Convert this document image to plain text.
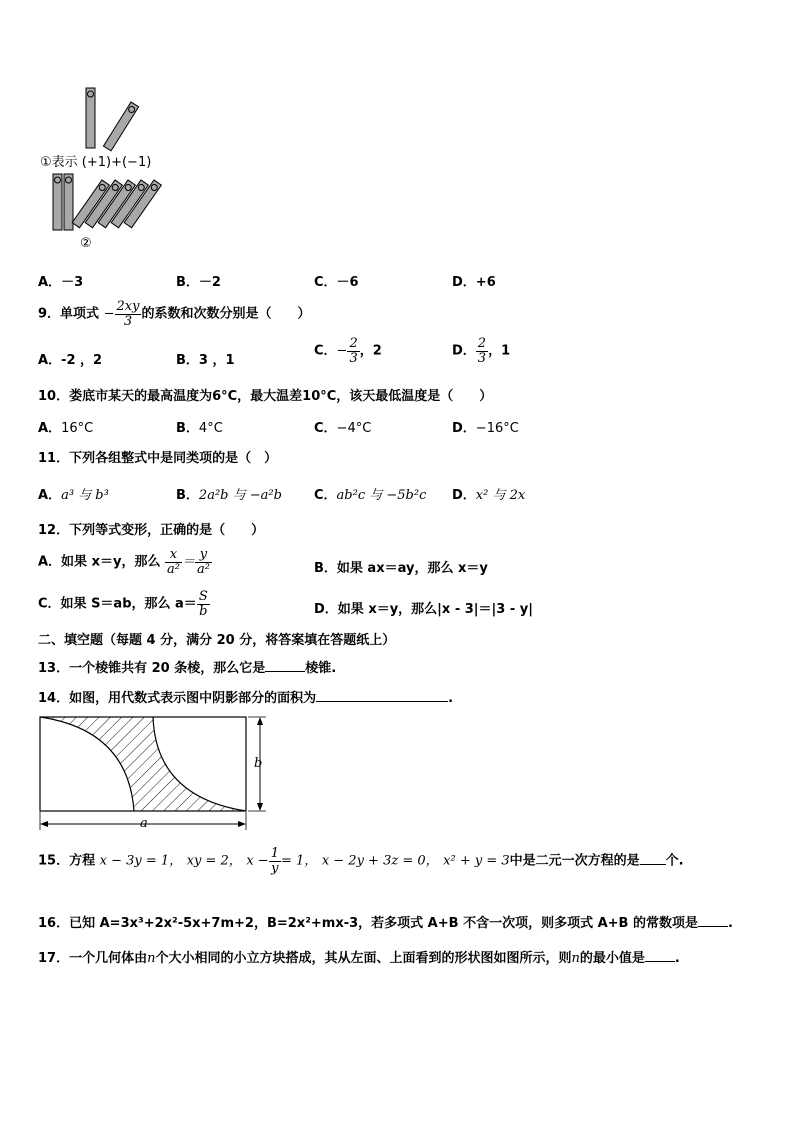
①表示 (+1)+(−1)
②
A．－3	B．－2	C．－6	D．+6
9．单项式 − $\frac{2xy}{3}$ 的系数和次数分别是（　　）
A．-2 ，2	B．3 ，1
C．− $\frac{2}{3}$ ，2	D． $\frac{2}{3}$ ，1
10．娄底市某天的最高温度为6°C，最大温差10°C，该天最低温度是（　　）
A．16°C	B．4°C	C．−4°C	D．−16°C
11．下列各组整式中是同类项的是（　）
A．a³ 与 b³	B．2a²b 与 −a²b C．ab²c 与 −5b²c D．x² 与 2x
12．下列等式变形，正确的是（　　）
A．如果 x＝y，那么 $\frac{x}{\text{a²}} = \frac{y}{\text{a²}}$	B．如果 ax＝ay，那么 x＝y
C．如果 S＝ab，那么 $a= \frac{S}{b}$	D．如果 x＝y，那么|x - 3|＝|3 - y|
二、填空题（每题 4 分，满分 20 分，将答案填在答题纸上）
13．一个棱锥共有 20 条棱，那么它是	棱锥.
14．如图，用代数式表示图中阴影部分的面积为	.
b
a
15．方程 x − 3y = 1， xy = 2， $x - \frac{1}{y} = 1$， x − 2y + 3z = 0， x² + y = 3中是二元一次方程的是 个.
16．已知 A=3x³+2x²-5x+7m+2，B=2x²+mx-3，若多项式 A+B 不含一次项，则多项式 A+B 的常数项是 .
17．一个几何体由n个大小相同的小立方块搭成，其从左面、上面看到的形状图如图所示，则n的最小值是 .
